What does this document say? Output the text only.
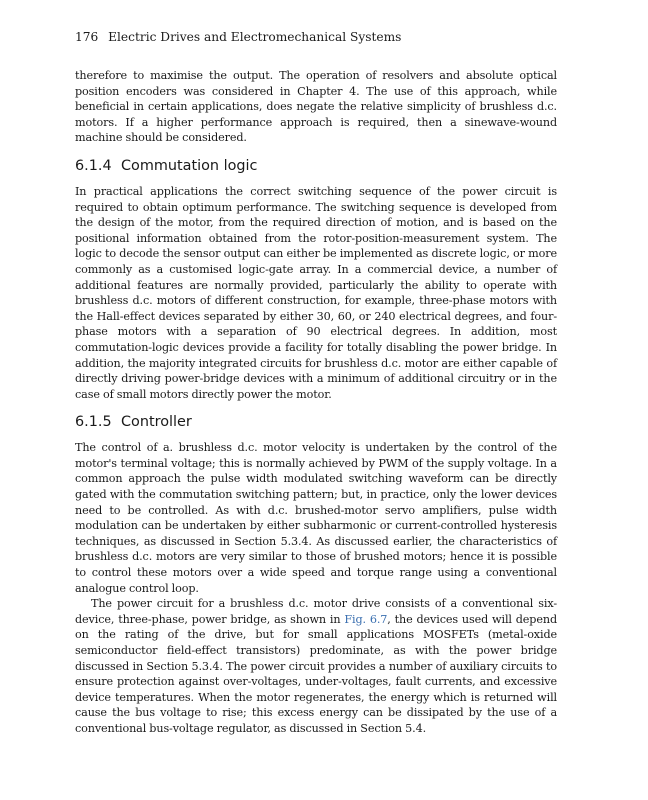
176 Electric Drives and Electromechanical Systems

therefore to maximise the output. The operation of resolvers and absolute optical position encoders was considered in Chapter 4. The use of this approach, while beneficial in certain applications, does negate the relative simplicity of brushless d.c. motors. If a higher performance approach is required, then a sinewave-wound machine should be considered.

6.1.4 Commutation logic

In practical applications the correct switching sequence of the power circuit is required to obtain optimum performance. The switching sequence is developed from the design of the motor, from the required direction of motion, and is based on the positional information obtained from the rotor-position-measurement system. The logic to decode the sensor output can either be implemented as discrete logic, or more commonly as a customised logic-gate array. In a commercial device, a number of additional features are normally provided, particularly the ability to operate with brushless d.c. motors of different construction, for example, three-phase motors with the Hall-effect devices separated by either 30, 60, or 240 electrical degrees, and four-phase motors with a separation of 90 electrical degrees. In addition, most commutation-logic devices provide a facility for totally disabling the power bridge. In addition, the majority integrated circuits for brushless d.c. motor are either capable of directly driving power-bridge devices with a minimum of additional circuitry or in the case of small motors directly power the motor.

6.1.5 Controller

The control of a. brushless d.c. motor velocity is undertaken by the control of the motor's terminal voltage; this is normally achieved by PWM of the supply voltage. In a common approach the pulse width modulated switching waveform can be directly gated with the commutation switching pattern; but, in practice, only the lower devices need to be controlled. As with d.c. brushed-motor servo amplifiers, pulse width modulation can be undertaken by either subharmonic or current-controlled hysteresis techniques, as discussed in Section 5.3.4. As discussed earlier, the characteristics of brushless d.c. motors are very similar to those of brushed motors; hence it is possible to control these motors over a wide speed and torque range using a conventional analogue control loop.

The power circuit for a brushless d.c. motor drive consists of a conventional six-device, three-phase, power bridge, as shown in Fig. 6.7, the devices used will depend on the rating of the drive, but for small applications MOSFETs (metal-oxide semiconductor field-effect transistors) predominate, as with the power bridge discussed in Section 5.3.4. The power circuit provides a number of auxiliary circuits to ensure protection against over-voltages, under-voltages, fault currents, and excessive device temperatures. When the motor regenerates, the energy which is returned will cause the bus voltage to rise; this excess energy can be dissipated by the use of a conventional bus-voltage regulator, as discussed in Section 5.4.
